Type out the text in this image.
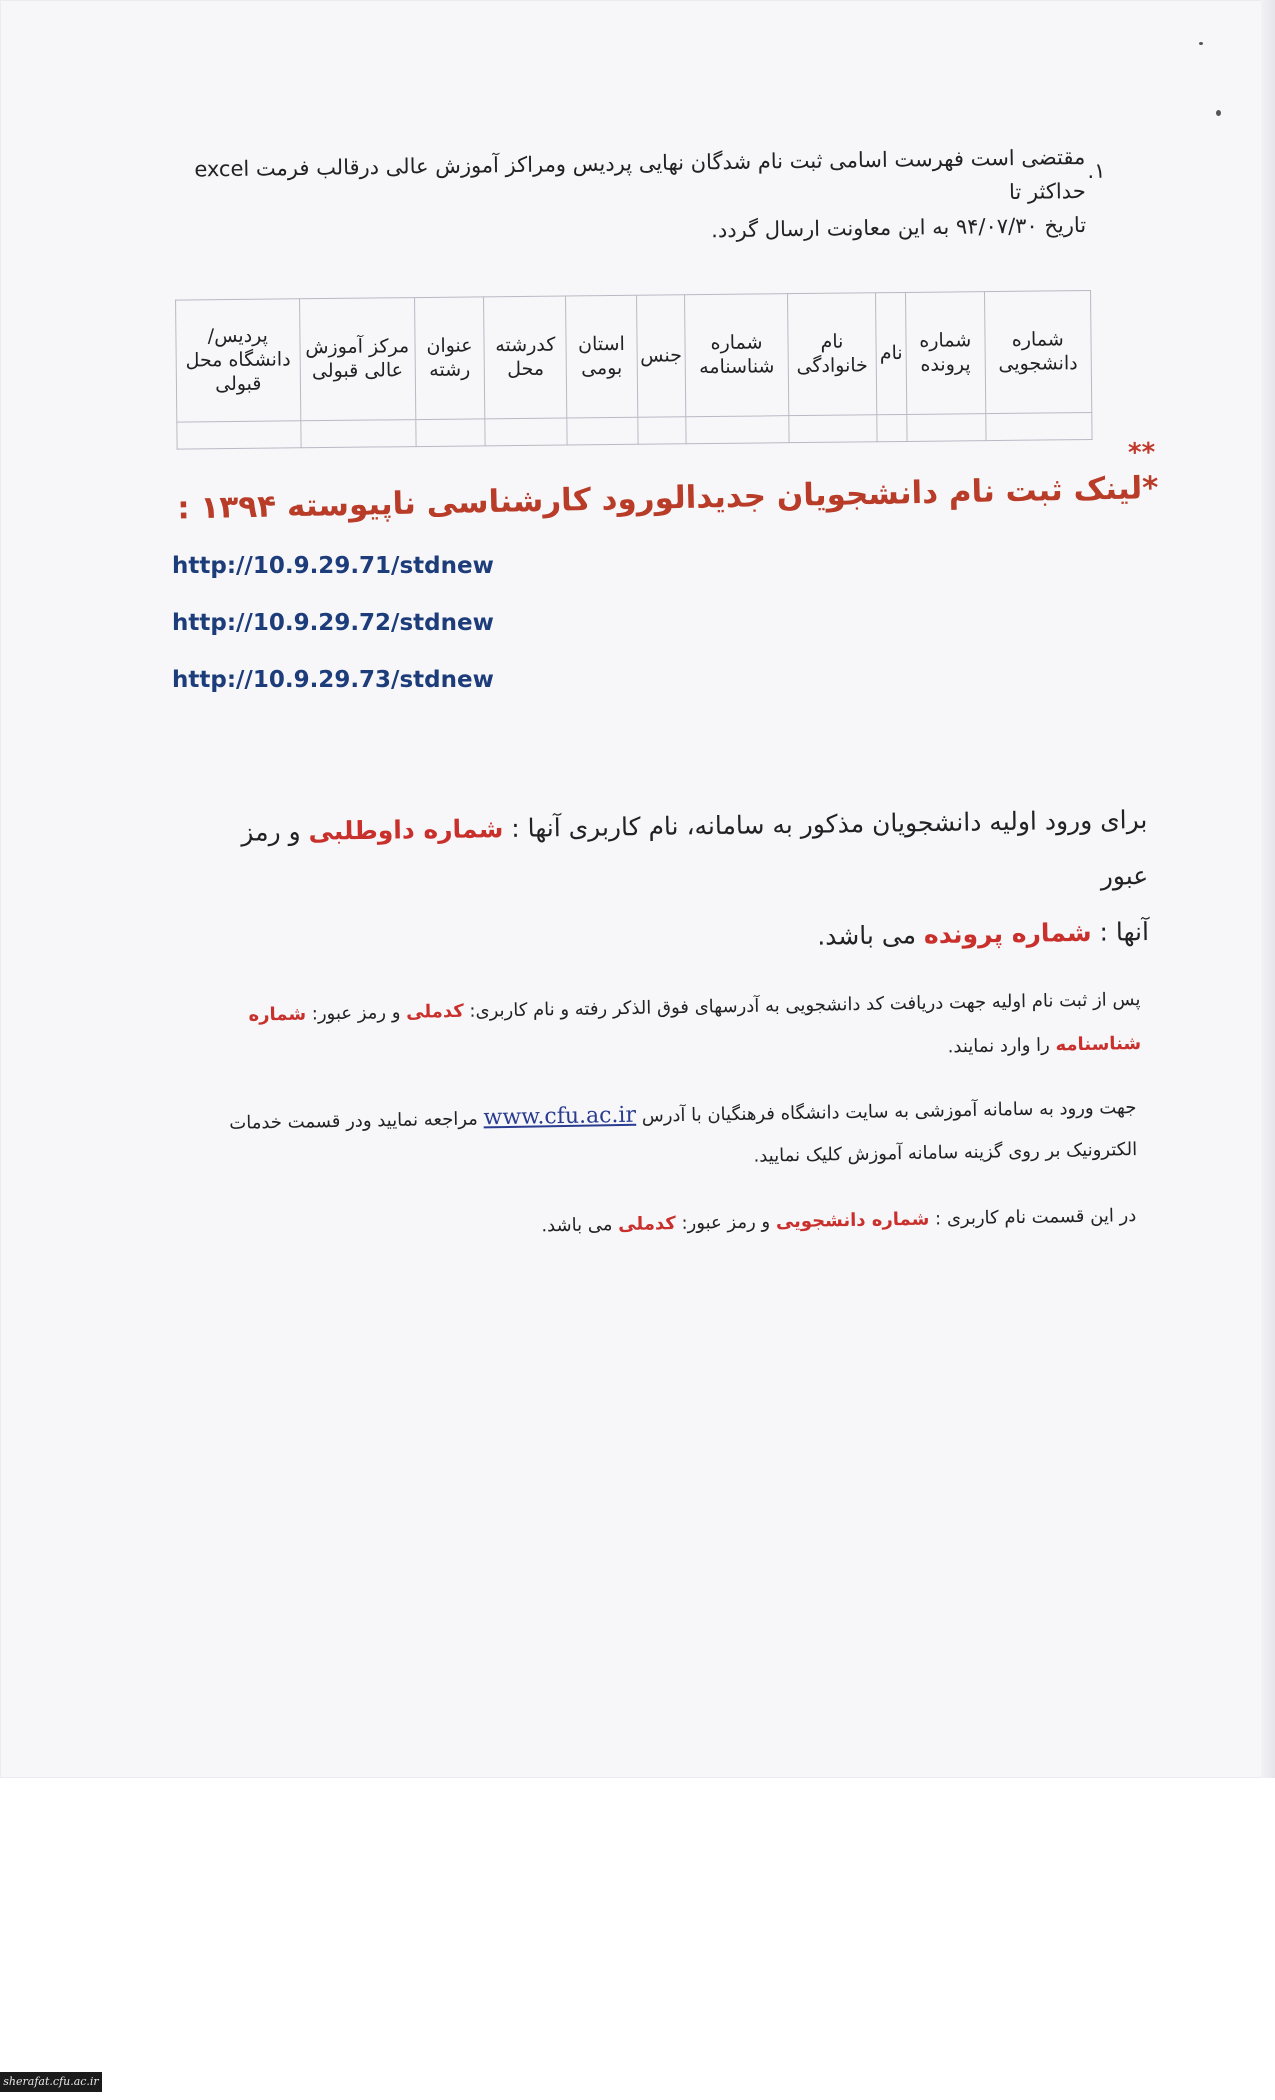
۱.
مقتضی است فهرست اسامی ثبت نام شدگان نهایی پردیس ومراکز آموزش عالی درقالب فرمت excel حداکثر تا
تاریخ ۹۴/۰۷/۳۰ به این معاونت ارسال گردد.
شماره دانشجویی	شماره پرونده	نام	نام خانوادگی	شماره شناسنامه	جنس	استان بومی	کدرشته محل	عنوان رشته	مرکز آموزش عالی قبولی	پردیس/دانشگاه محل قبولی

**
*لینک ثبت نام دانشجویان جدیدالورود کارشناسی ناپیوسته ۱۳۹۴ :
http://10.9.29.71/stdnew
http://10.9.29.72/stdnew
http://10.9.29.73/stdnew
برای ورود اولیه دانشجویان مذکور به سامانه، نام کاربری آنها : شماره داوطلبی و رمز عبور
آنها : شماره پرونده می باشد.
پس از ثبت نام اولیه جهت دریافت کد دانشجویی به آدرسهای فوق الذکر رفته و نام کاربری: کدملی و رمز عبور: شماره شناسنامه را وارد نمایند.
جهت ورود به سامانه آموزشی به سایت دانشگاه فرهنگیان با آدرس www.cfu.ac.ir مراجعه نمایید ودر قسمت خدمات الکترونیک بر روی گزینه سامانه آموزش کلیک نمایید.
در این قسمت نام کاربری : شماره دانشجویی و رمز عبور: کدملی می باشد.
sherafat.cfu.ac.ir
